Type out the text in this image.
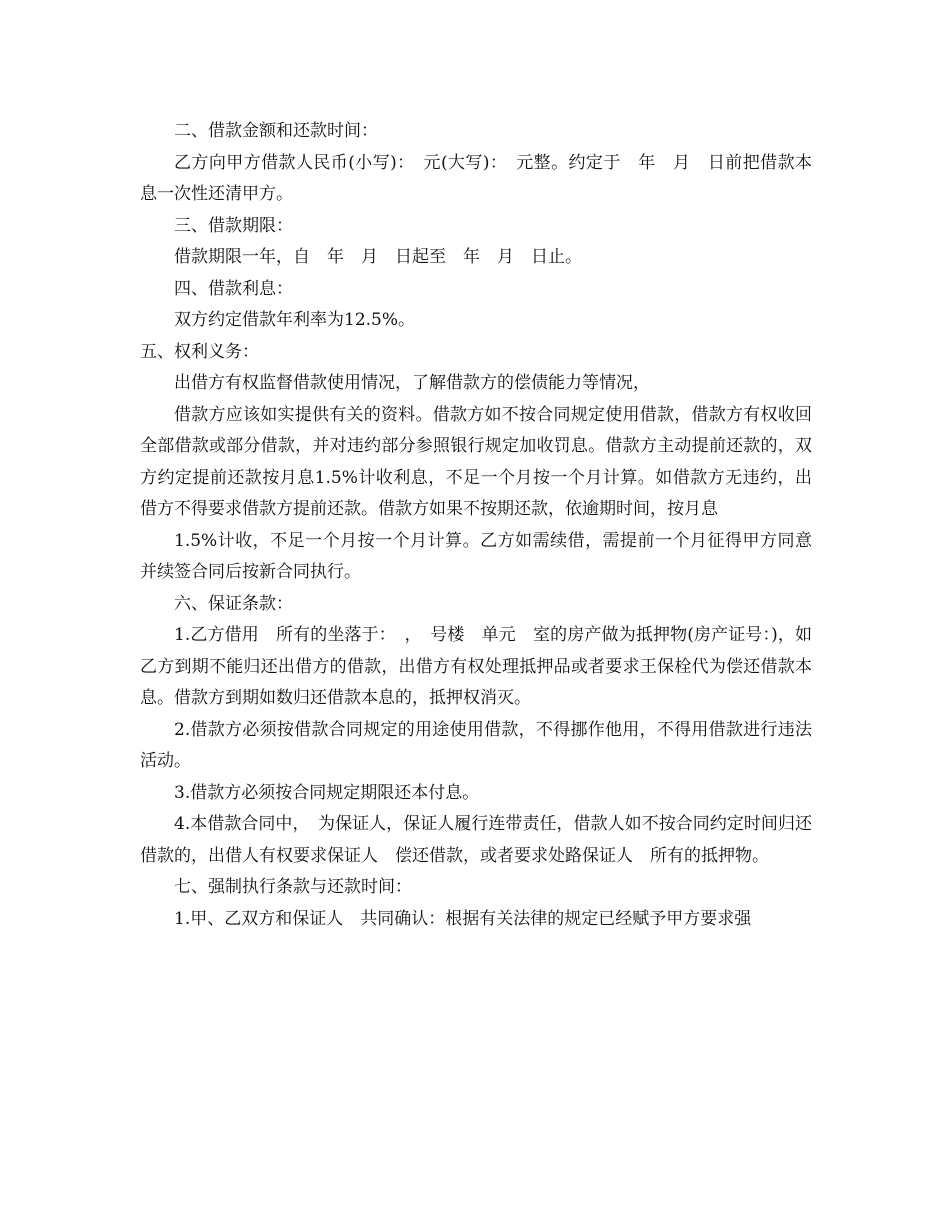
二、借款金额和还款时间：

乙方向甲方借款人民币(小写)：　元(大写)：　元整。约定于　年　月　日前把借款本息一次性还清甲方。

三、借款期限：

借款期限一年，自　年　月　日起至　年　月　日止。

四、借款利息：

双方约定借款年利率为12.5%。

五、权利义务：

出借方有权监督借款使用情况，了解借款方的偿债能力等情况，

借款方应该如实提供有关的资料。借款方如不按合同规定使用借款，借款方有权收回全部借款或部分借款，并对违约部分参照银行规定加收罚息。借款方主动提前还款的，双方约定提前还款按月息1.5%计收利息，不足一个月按一个月计算。如借款方无违约，出借方不得要求借款方提前还款。借款方如果不按期还款，依逾期时间，按月息

1.5%计收，不足一个月按一个月计算。乙方如需续借，需提前一个月征得甲方同意并续签合同后按新合同执行。

六、保证条款：

1.乙方借用　所有的坐落于：　，　号楼　单元　室的房产做为抵押物(房产证号：)，如乙方到期不能归还出借方的借款，出借方有权处理抵押品或者要求王保栓代为偿还借款本息。借款方到期如数归还借款本息的，抵押权消灭。

2.借款方必须按借款合同规定的用途使用借款，不得挪作他用，不得用借款进行违法活动。

3.借款方必须按合同规定期限还本付息。

4.本借款合同中，　为保证人，保证人履行连带责任，借款人如不按合同约定时间归还借款的，出借人有权要求保证人　偿还借款，或者要求处路保证人　所有的抵押物。

七、强制执行条款与还款时间：

1.甲、乙双方和保证人　共同确认：根据有关法律的规定已经赋予甲方要求强
